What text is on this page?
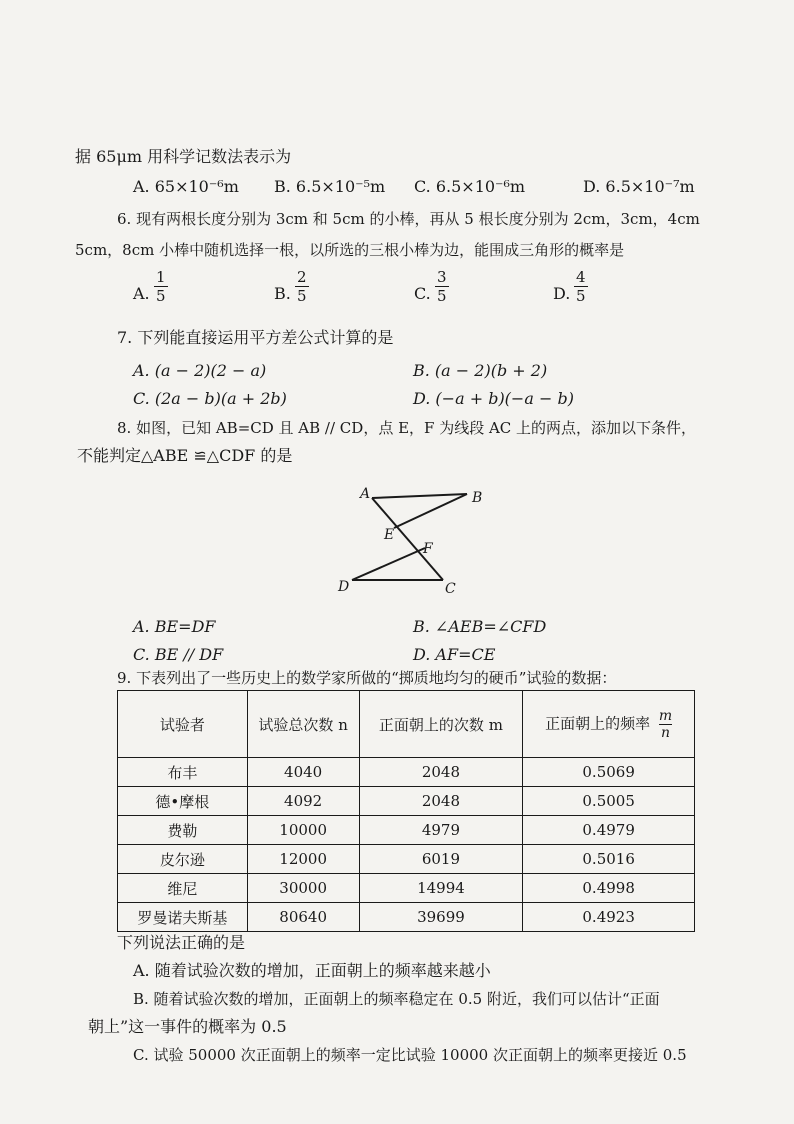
据 65μm 用科学记数法表示为
A. 65×10⁻⁶m B. 6.5×10⁻⁵m C. 6.5×10⁻⁶m	D. 6.5×10⁻⁷m
6. 现有两根长度分别为 3cm 和 5cm 的小棒，再从 5 根长度分别为 2cm，3cm，4cm
5cm，8cm 小棒中随机选择一根，以所选的三根小棒为边，能围成三角形的概率是
A. $\frac{1}{5}$	B. $\frac{2}{5}$	C. $\frac{3}{5}$	D. $\frac{4}{5}$
7. 下列能直接运用平方差公式计算的是
A. (a − 2)(2 − a)	B. (a − 2)(b + 2)
C. (2a − b)(a + 2b)	D. (−a + b)(−a − b)
8. 如图，已知 AB=CD 且 AB // CD，点 E，F 为线段 AC 上的两点，添加以下条件，
不能判定△ABE ≌△CDF 的是
A	B
C
D
E
F
A. BE=DF	B. ∠AEB=∠CFD
C. BE // DF	D. AF=CE
9. 下表列出了一些历史上的数学家所做的“掷质地均匀的硬币”试验的数据：
试验者	试验总次数 n	正面朝上的次数 m	正面朝上的频率 $\frac{m}{n}$

布丰	4040	2048	0.5069
德•摩根	4092	2048	0.5005
费勒	10000	4979	0.4979
皮尔逊	12000	6019	0.5016
维尼	30000	14994	0.4998
罗曼诺夫斯基	80640	39699	0.4923
下列说法正确的是
A. 随着试验次数的增加，正面朝上的频率越来越小
B. 随着试验次数的增加，正面朝上的频率稳定在 0.5 附近，我们可以估计“正面
朝上”这一事件的概率为 0.5
C. 试验 50000 次正面朝上的频率一定比试验 10000 次正面朝上的频率更接近 0.5
